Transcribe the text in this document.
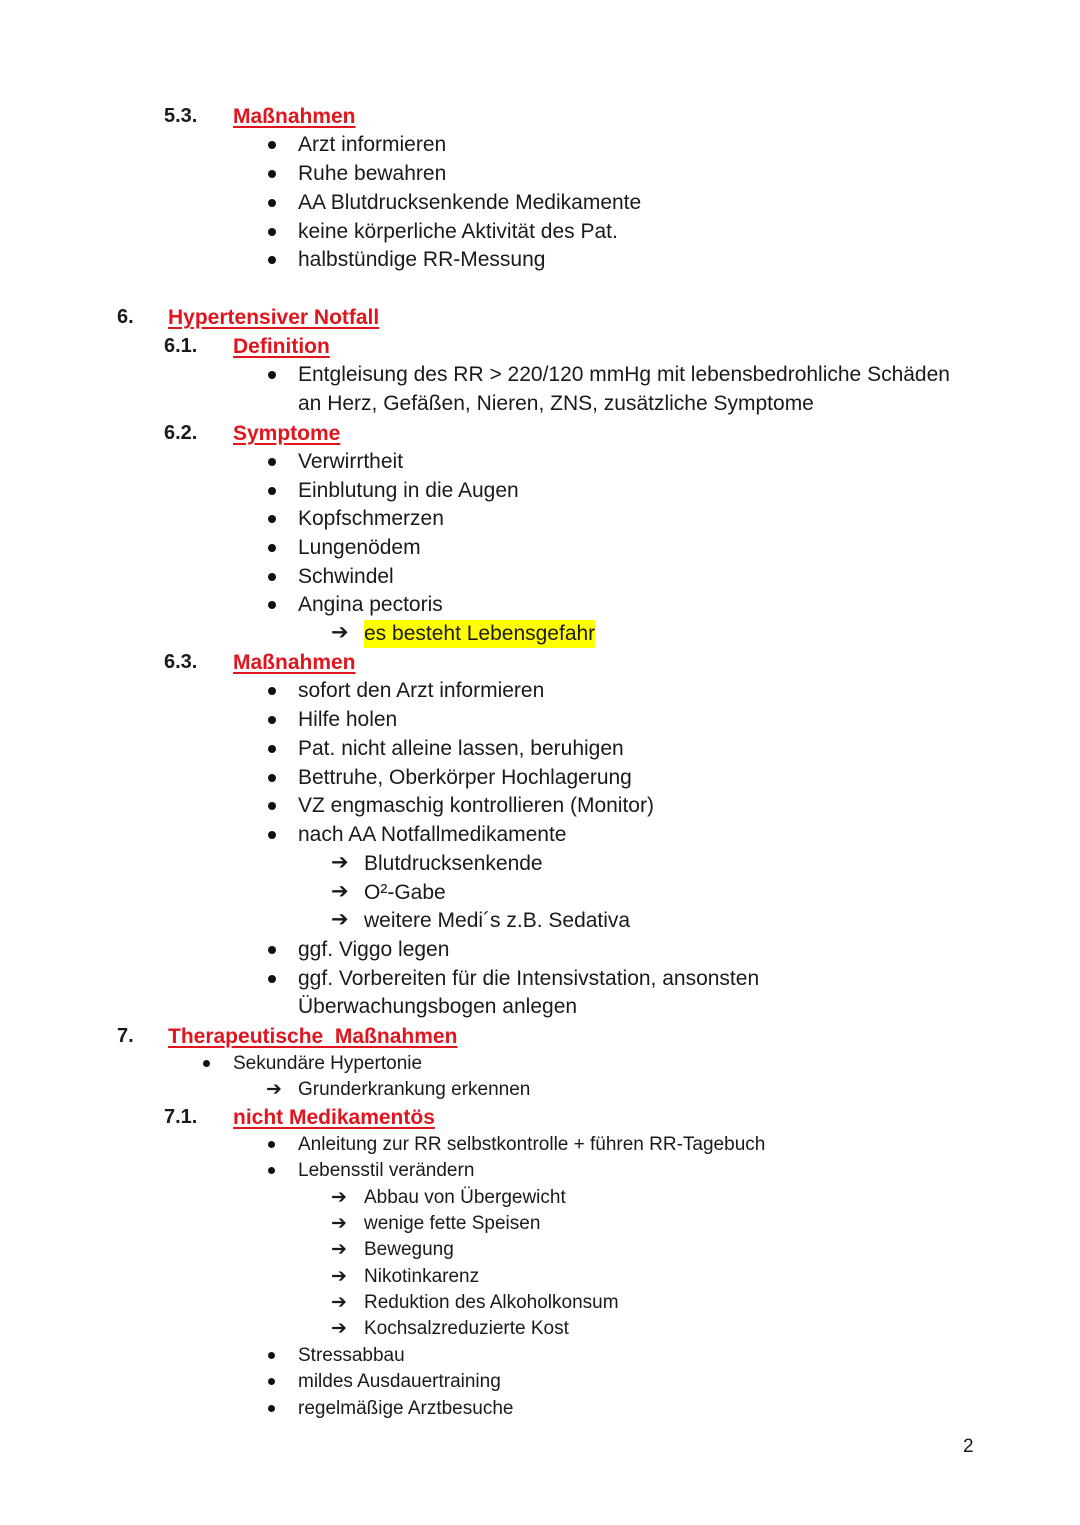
5.3. Maßnahmen
Arzt informieren
Ruhe bewahren
AA Blutdrucksenkende Medikamente
keine körperliche Aktivität des Pat.
halbstündige RR-Messung
6. Hypertensiver Notfall
6.1. Definition
Entgleisung des RR > 220/120 mmHg mit lebensbedrohliche Schäden
an Herz, Gefäßen, Nieren, ZNS, zusätzliche Symptome
6.2. Symptome
Verwirrtheit
Einblutung in die Augen
Kopfschmerzen
Lungenödem
Schwindel
Angina pectoris
➔ es besteht Lebensgefahr
6.3. Maßnahmen
sofort den Arzt informieren
Hilfe holen
Pat. nicht alleine lassen, beruhigen
Bettruhe, Oberkörper Hochlagerung
VZ engmaschig kontrollieren (Monitor)
nach AA Notfallmedikamente
➔ Blutdrucksenkende
➔ O²-Gabe
➔ weitere Medi´s z.B. Sedativa
ggf. Viggo legen
ggf. Vorbereiten für die Intensivstation, ansonsten
Überwachungsbogen anlegen
7. Therapeutische  Maßnahmen
Sekundäre Hypertonie
➔ Grunderkrankung erkennen
7.1. nicht Medikamentös
Anleitung zur RR selbstkontrolle + führen RR-Tagebuch
Lebensstil verändern
➔ Abbau von Übergewicht
➔ wenige fette Speisen
➔ Bewegung
➔ Nikotinkarenz
➔ Reduktion des Alkoholkonsum
➔ Kochsalzreduzierte Kost
Stressabbau
mildes Ausdauertraining
regelmäßige Arztbesuche
2
